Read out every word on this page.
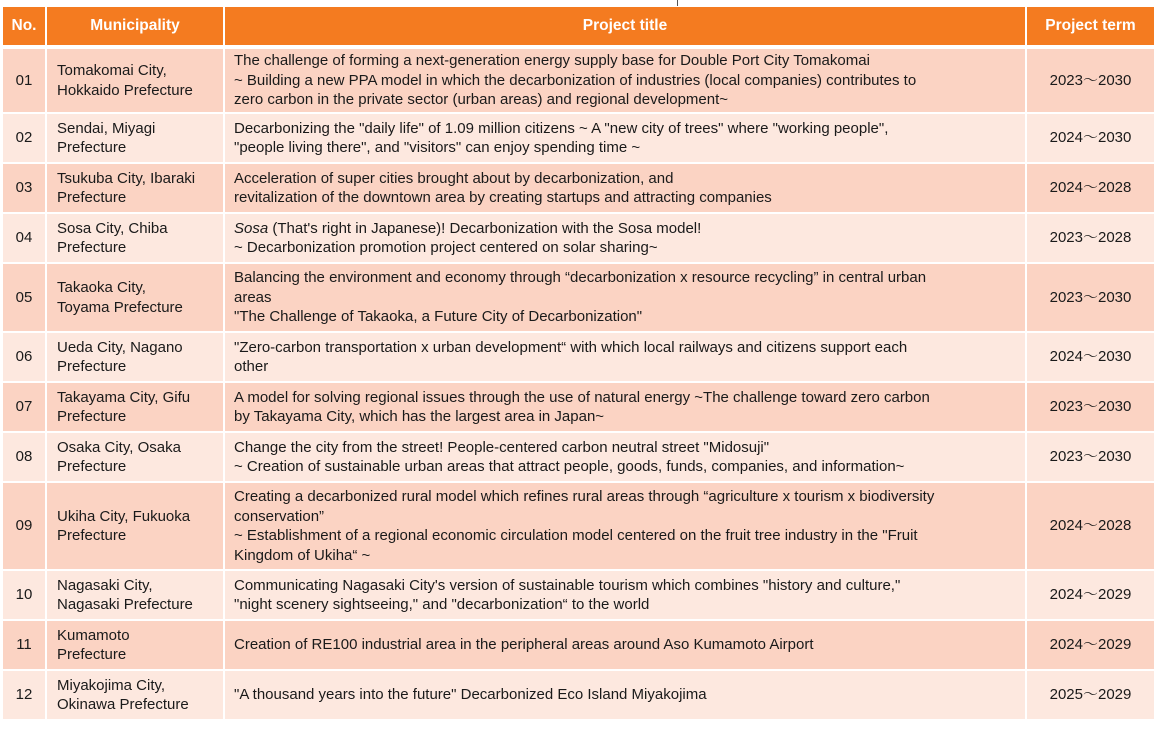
No.	Municipality	Project title	Project term
01	Tomakomai City,
Hokkaido Prefecture	The challenge of forming a next-generation energy supply base for Double Port City Tomakomai
~ Building a new PPA model in which the decarbonization of industries (local companies) contributes to
zero carbon in the private sector (urban areas) and regional development~	2023～2030
02	Sendai, Miyagi
Prefecture	Decarbonizing the "daily life" of 1.09 million citizens ~ A "new city of trees" where "working people",
"people living there", and "visitors" can enjoy spending time ~	2024～2030
03	Tsukuba City, Ibaraki
Prefecture	Acceleration of super cities brought about by decarbonization, and
revitalization of the downtown area by creating startups and attracting companies	2024～2028
04	Sosa City, Chiba
Prefecture	Sosa (That's right in Japanese)! Decarbonization with the Sosa model!
~ Decarbonization promotion project centered on solar sharing~	2023～2028
05	Takaoka City,
Toyama Prefecture	Balancing the environment and economy through “decarbonization x resource recycling” in central urban
areas
"The Challenge of Takaoka, a Future City of Decarbonization"	2023～2030
06	Ueda City, Nagano
Prefecture	"Zero-carbon transportation x urban development“ with which local railways and citizens support each
other	2024～2030
07	Takayama City, Gifu
Prefecture	A model for solving regional issues through the use of natural energy ~The challenge toward zero carbon
by Takayama City, which has the largest area in Japan~	2023～2030
08	Osaka City, Osaka
Prefecture	Change the city from the street! People-centered carbon neutral street "Midosuji"
~ Creation of sustainable urban areas that attract people, goods, funds, companies, and information~	2023～2030
09	Ukiha City, Fukuoka
Prefecture	Creating a decarbonized rural model which refines rural areas through “agriculture x tourism x biodiversity
conservation”
~ Establishment of a regional economic circulation model centered on the fruit tree industry in the "Fruit
Kingdom of Ukiha“ ~	2024～2028
10	Nagasaki City,
Nagasaki Prefecture	Communicating Nagasaki City's version of sustainable tourism which combines "history and culture,"
"night scenery sightseeing," and "decarbonization“ to the world	2024～2029
11	Kumamoto
Prefecture	Creation of RE100 industrial area in the peripheral areas around Aso Kumamoto Airport	2024～2029
12	Miyakojima City,
Okinawa Prefecture	"A thousand years into the future" Decarbonized Eco Island Miyakojima	2025～2029
